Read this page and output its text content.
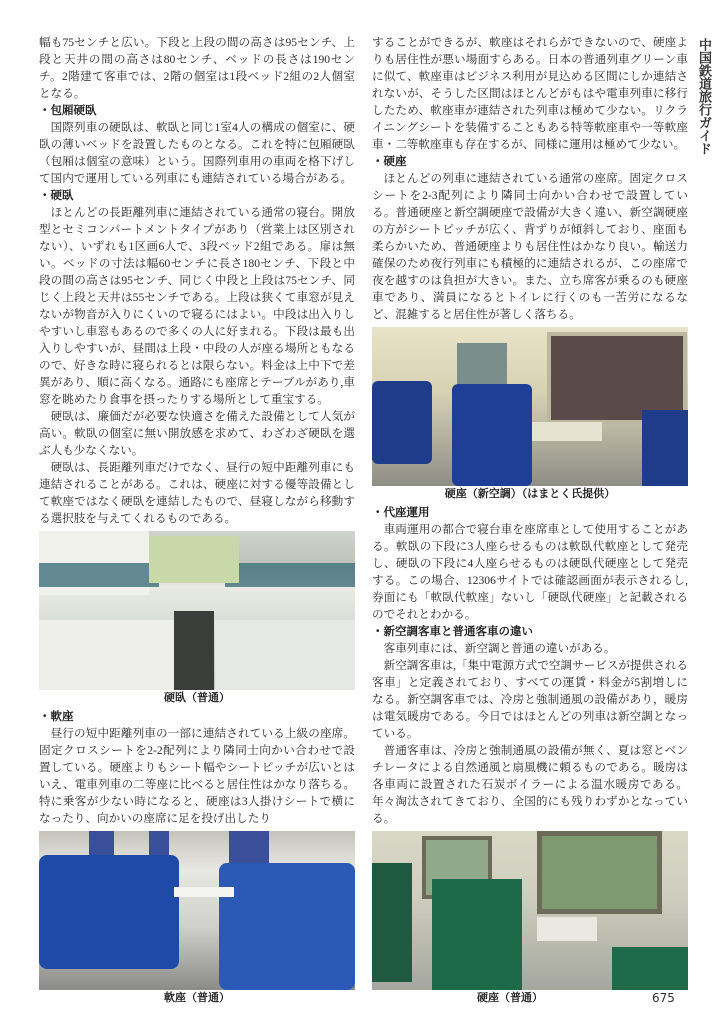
中国鉄道旅行ガイド

幅も75センチと広い。下段と上段の間の高さは95センチ、上段と天井の間の高さは80センチ、ベッドの長さは190センチ。2階建て客車では、2階の個室は1段ベッド2組の2人個室となる。

・ 包厢硬臥

国際列車の硬臥は、軟臥と同じ1室4人の構成の個室に、硬臥の薄いベッドを設置したものとなる。これを特に包厢硬臥（包厢は個室の意味）という。国際列車用の車両を格下げして国内で運用している列車にも連結されている場合がある。

・ 硬臥

ほとんどの長距離列車に連結されている通常の寝台。開放型とセミコンパートメントタイプがあり（営業上は区別されない）、いずれも1区画6人で、3段ベッド2組である。扉は無い。ベッドの寸法は幅60センチに長さ180センチ、下段と中段の間の高さは95センチ、同じく中段と上段は75センチ、同じく上段と天井は55センチである。上段は狭くて車窓が見えないが物音が入りにくいので寝るにはよい。中段は出入りしやすいし車窓もあるので多くの人に好まれる。下段は最も出入りしやすいが、昼間は上段・中段の人が座る場所ともなるので、好きな時に寝られるとは限らない。料金は上中下で差異があり、順に高くなる。通路にも座席とテーブルがあり,車窓を眺めたり食事を摂ったりする場所として重宝する。

硬臥は、廉価だが必要な快適さを備えた設備として人気が高い。軟臥の個室に無い開放感を求めて、わざわざ硬臥を選ぶ人も少なくない。

硬臥は、長距離列車だけでなく、昼行の短中距離列車にも連結されることがある。これは、硬座に対する優等設備として軟座ではなく硬臥を連結したもので、昼寝しながら移動する選択肢を与えてくれるものである。

硬臥（普通）
・ 軟座

昼行の短中距離列車の一部に連結されている上級の座席。固定クロスシートを2-2配列により隣同士向かい合わせで設置している。硬座よりもシート幅やシートピッチが広いとはいえ、電車列車の二等座に比べると居住性はかなり落ちる。特に乗客が少ない時になると、硬座は3人掛けシートで横になったり、向かいの座席に足を投げ出したり

軟座（普通）

することができるが、軟座はそれらができないので、硬座よりも居住性が悪い場面すらある。日本の普通列車グリーン車に似て、軟座車はビジネス利用が見込める区間にしか連結されないが、そうした区間はほとんどがもはや電車列車に移行したため、軟座車が連結された列車は極めて少ない。リクライニングシートを装備することもある特等軟座車や一等軟座車・二等軟座車も存在するが、同様に運用は極めて少ない。

・ 硬座

ほとんどの列車に連結されている通常の座席。固定クロスシートを2-3配列により隣同士向かい合わせで設置している。普通硬座と新空調硬座で設備が大きく違い、新空調硬座の方がシートピッチが広く、背ずりが傾斜しており、座面も柔らかいため、普通硬座よりも居住性はかなり良い。輸送力確保のため夜行列車にも積極的に連結されるが、この座席で夜を越すのは負担が大きい。また、立ち席客が乗るのも硬座車であり、満員になるとトイレに行くのも一苦労になるなど、混雑すると居住性が著しく落ちる。

硬座（新空調）（はまとく氏提供）
・ 代座運用

車両運用の都合で寝台車を座席車として使用することがある。軟臥の下段に3人座らせるものは軟臥代軟座として発売し、硬臥の下段に4人座らせるものは硬臥代硬座として発売する。この場合、12306サイトでは確認画面が表示されるし,券面にも「軟臥代軟座」ないし「硬臥代硬座」と記載されるのでそれとわかる。

・ 新空調客車と普通客車の違い

客車列車には、新空調と普通の違いがある。

新空調客車は,「集中電源方式で空調サービスが提供される客車」と定義されており、すべての運賃・料金が5割増しになる。新空調客車では、冷房と強制通風の設備があり，暖房は電気暖房である。今日ではほとんどの列車は新空調となっている。

普通客車は、冷房と強制通風の設備が無く、夏は窓とベンチレータによる自然通風と扇風機に頼るものである。暖房は各車両に設置された石炭ボイラーによる温水暖房である。年々淘汰されてきており、全国的にも残りわずかとなっている。

硬座（普通）	675
